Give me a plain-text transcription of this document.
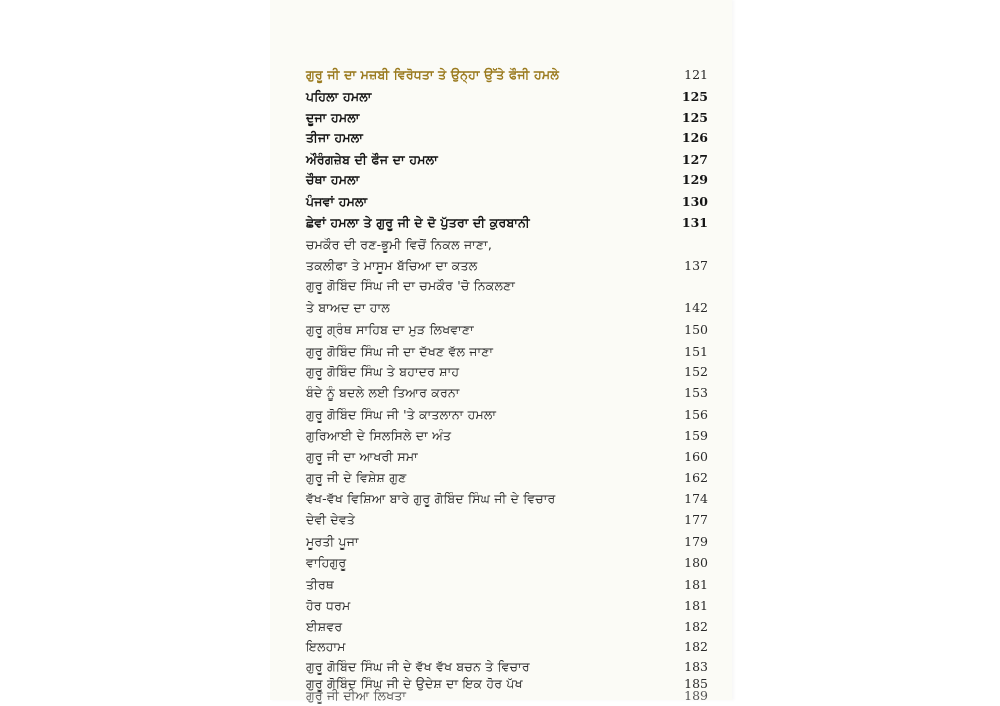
ਗੁਰੂ ਜੀ ਦਾ ਮਜ਼ਬੀ ਵਿਰੋਧਤਾ ਤੇ ਉਨ੍ਹਾ ਉੱਤੇ ਫੌਜੀ ਹਮਲੇ	121
ਪਹਿਲਾ ਹਮਲਾ	125
ਦੂਜਾ ਹਮਲਾ	125
ਤੀਜਾ ਹਮਲਾ	126
ਔਰੰਗਜ਼ੇਬ ਦੀ ਫੌਜ ਦਾ ਹਮਲਾ	127
ਚੌਥਾ ਹਮਲਾ	129
ਪੰਜਵਾਂ ਹਮਲਾ	130
ਛੇਵਾਂ ਹਮਲਾ ਤੇ ਗੁਰੂ ਜੀ ਦੇ ਦੋ ਪੁੱਤਰਾ ਦੀ ਕੁਰਬਾਨੀ	131
ਚਮਕੌਰ ਦੀ ਰਣ-ਭੂਮੀ ਵਿਚੋਂ ਨਿਕਲ ਜਾਣਾ,
ਤਕਲੀਫਾ ਤੇ ਮਾਸੂਮ ਬੱਚਿਆ ਦਾ ਕਤਲ	137
ਗੁਰੂ ਗੋਬਿੰਦ ਸਿੰਘ ਜੀ ਦਾ ਚਮਕੌਰ 'ਚੋ ਨਿਕਲਣਾ
ਤੇ ਬਾਅਦ ਦਾ ਹਾਲ	142
ਗੁਰੂ ਗ੍ਰੰਥ ਸਾਹਿਬ ਦਾ ਮੁੜ ਲਿਖਵਾਣਾ	150
ਗੁਰੂ ਗੋਬਿੰਦ ਸਿੰਘ ਜੀ ਦਾ ਦੱਖਣ ਵੱਲ ਜਾਣਾ	151
ਗੁਰੂ ਗੋਬਿੰਦ ਸਿੰਘ ਤੇ ਬਹਾਦਰ ਸ਼ਾਹ	152
ਬੰਦੇ ਨੂੰ ਬਦਲੇ ਲਈ ਤਿਆਰ ਕਰਨਾ	153
ਗੁਰੂ ਗੋਬਿੰਦ ਸਿੰਘ ਜੀ 'ਤੇ ਕਾਤਲਾਨਾ ਹਮਲਾ	156
ਗੁਰਿਆਈ ਦੇ ਸਿਲਸਿਲੇ ਦਾ ਅੰਤ	159
ਗੁਰੂ ਜੀ ਦਾ ਆਖਰੀ ਸਮਾ	160
ਗੁਰੂ ਜੀ ਦੇ ਵਿਸ਼ੇਸ਼ ਗੁਣ	162
ਵੱਖ-ਵੱਖ ਵਿਸ਼ਿਆ ਬਾਰੇ ਗੁਰੂ ਗੋਬਿੰਦ ਸਿੰਘ ਜੀ ਦੇ ਵਿਚਾਰ	174
ਦੇਵੀ ਦੇਵਤੇ	177
ਮੂਰਤੀ ਪੂਜਾ	179
ਵਾਹਿਗੁਰੂ	180
ਤੀਰਥ	181
ਹੋਰ ਧਰਮ	181
ਈਸ਼ਵਰ	182
ਇਲਹਾਮ	182
ਗੁਰੂ ਗੋਬਿੰਦ ਸਿੰਘ ਜੀ ਦੇ ਵੱਖ ਵੱਖ ਬਚਨ ਤੇ ਵਿਚਾਰ	183
ਗੁਰੂ ਗੋਬਿੰਦ ਸਿੰਘ ਜੀ ਦੇ ਉਦੇਸ਼ ਦਾ ਇਕ ਹੋਰ ਪੱਖ	185
ਗੁਰੂ ਜੀ ਦੀਆ ਲਿਖਤਾ	189
